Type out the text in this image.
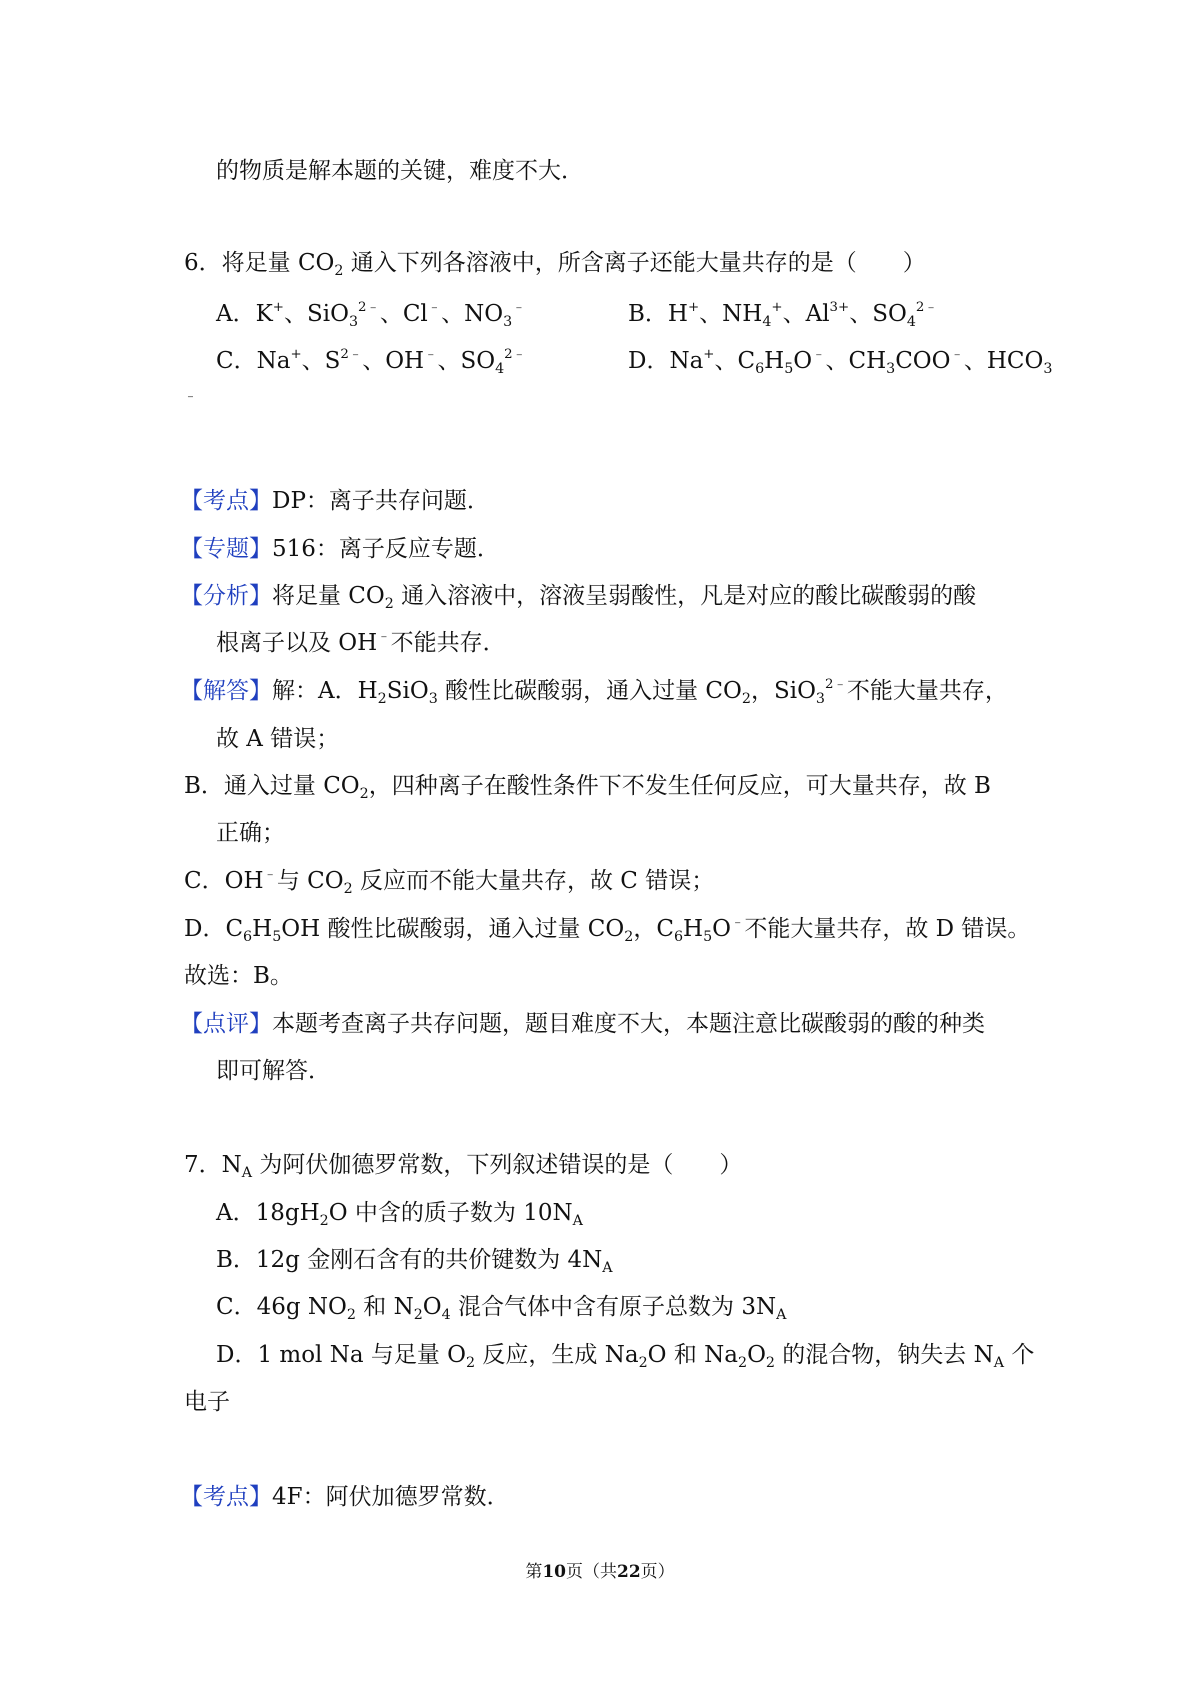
的物质是解本题的关键，难度不大．
6．将足量 $CO_2$ 通入下列各溶液中，所含离子还能大量共存的是（　　）
A．K+、SiO$_3^{2﹣}$、Cl﹣、$NO_3^﹣$	B．H+、$NH_4^+$、$Al^{3+}$、$SO_4^{2﹣}$
C．Na+、$S^{2﹣}$、OH﹣、$SO_4^{2﹣}$	D．Na+、$C_6H_5O^﹣$、$CH_3COO^﹣$、$HCO_3$
﹣
【考点】DP：离子共存问题．
【专题】516：离子反应专题．
【分析】将足量 $CO_2$ 通入溶液中，溶液呈弱酸性，凡是对应的酸比碳酸弱的酸
根离子以及 OH﹣不能共存．
【解答】解：A．$H_2SiO_3$ 酸性比碳酸弱，通入过量 $CO_2$，SiO$_3^{2﹣}$不能大量共存，
故 A 错误；
B．通入过量 $CO_2$，四种离子在酸性条件下不发生任何反应，可大量共存，故 B
正确；
C．OH﹣与 $CO_2$ 反应而不能大量共存，故 C 错误；
D．$C_6H_5OH$ 酸性比碳酸弱，通入过量 $CO_2$，$C_6H_5O^﹣$不能大量共存，故 D 错误。
故选：B。
【点评】本题考查离子共存问题，题目难度不大，本题注意比碳酸弱的酸的种类
即可解答．
7．$N_A$ 为阿伏伽德罗常数，下列叙述错误的是（　　）
A．$18gH_2O$ 中含的质子数为 $10N_A$
B．12g 金刚石含有的共价键数为 $4N_A$
C．46g $NO_2$ 和 $N_2O_4$ 混合气体中含有原子总数为 $3N_A$
D．1 mol Na 与足量 $O_2$ 反应，生成 $Na_2O$ 和 $Na_2O_2$ 的混合物，钠失去 $N_A$ 个
电子
【考点】4F：阿伏加德罗常数．
第10页（共22页）
